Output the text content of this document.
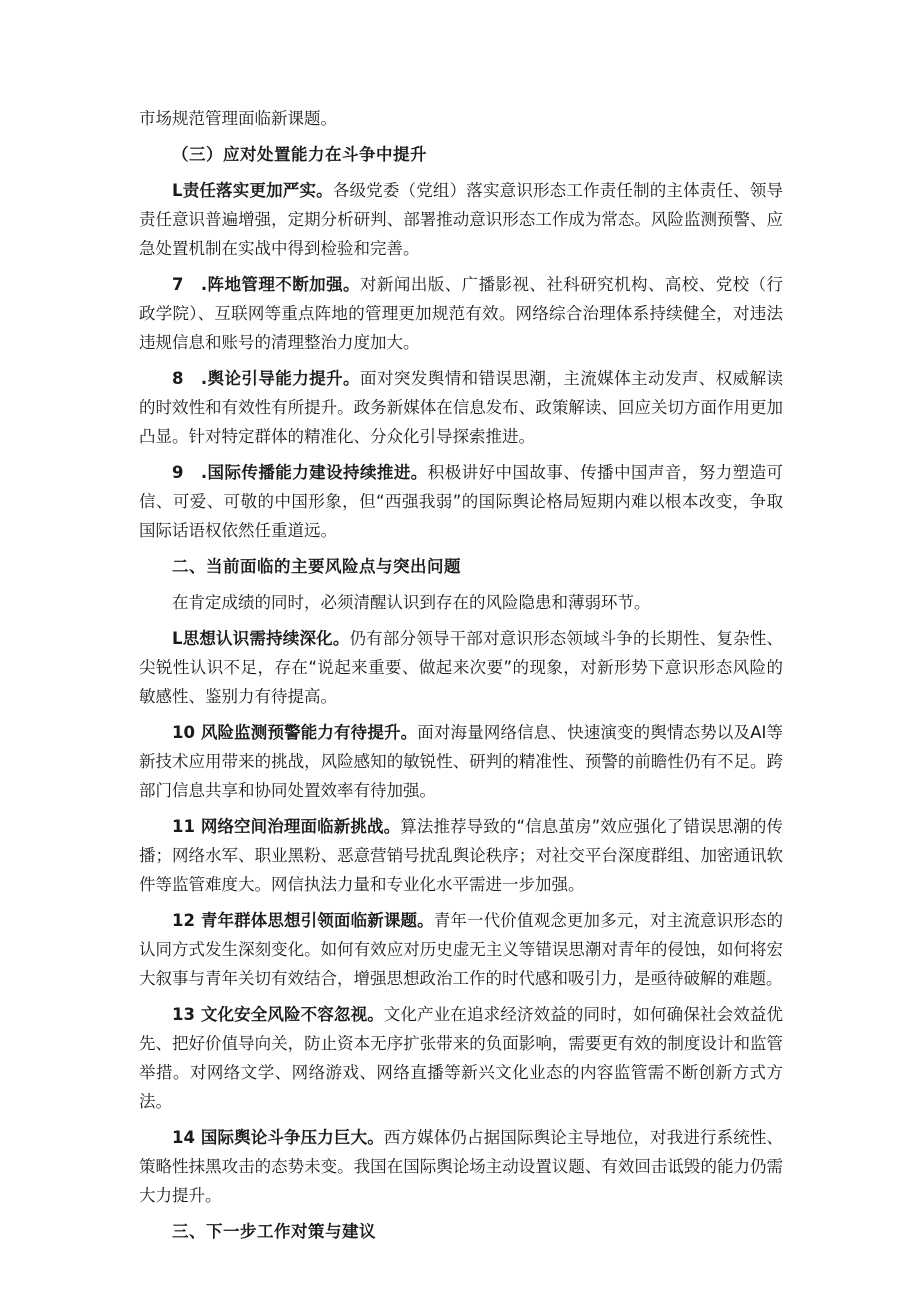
市场规范管理面临新课题。

（三）应对处置能力在斗争中提升

L责任落实更加严实。各级党委（党组）落实意识形态工作责任制的主体责任、领导责任意识普遍增强，定期分析研判、部署推动意识形态工作成为常态。风险监测预警、应急处置机制在实战中得到检验和完善。

7　.阵地管理不断加强。对新闻出版、广播影视、社科研究机构、高校、党校（行政学院）、互联网等重点阵地的管理更加规范有效。网络综合治理体系持续健全，对违法违规信息和账号的清理整治力度加大。

8　.舆论引导能力提升。面对突发舆情和错误思潮，主流媒体主动发声、权威解读的时效性和有效性有所提升。政务新媒体在信息发布、政策解读、回应关切方面作用更加凸显。针对特定群体的精准化、分众化引导探索推进。

9　.国际传播能力建设持续推进。积极讲好中国故事、传播中国声音，努力塑造可信、可爱、可敬的中国形象，但“西强我弱”的国际舆论格局短期内难以根本改变，争取国际话语权依然任重道远。

二、当前面临的主要风险点与突出问题

在肯定成绩的同时，必须清醒认识到存在的风险隐患和薄弱环节。

L思想认识需持续深化。仍有部分领导干部对意识形态领域斗争的长期性、复杂性、尖锐性认识不足，存在“说起来重要、做起来次要”的现象，对新形势下意识形态风险的敏感性、鉴别力有待提高。

10 风险监测预警能力有待提升。面对海量网络信息、快速演变的舆情态势以及AI等新技术应用带来的挑战，风险感知的敏锐性、研判的精准性、预警的前瞻性仍有不足。跨部门信息共享和协同处置效率有待加强。

11 网络空间治理面临新挑战。算法推荐导致的“信息茧房”效应强化了错误思潮的传播；网络水军、职业黑粉、恶意营销号扰乱舆论秩序；对社交平台深度群组、加密通讯软件等监管难度大。网信执法力量和专业化水平需进一步加强。

12 青年群体思想引领面临新课题。青年一代价值观念更加多元，对主流意识形态的认同方式发生深刻变化。如何有效应对历史虚无主义等错误思潮对青年的侵蚀，如何将宏大叙事与青年关切有效结合，增强思想政治工作的时代感和吸引力，是亟待破解的难题。

13 文化安全风险不容忽视。文化产业在追求经济效益的同时，如何确保社会效益优先、把好价值导向关，防止资本无序扩张带来的负面影响，需要更有效的制度设计和监管举措。对网络文学、网络游戏、网络直播等新兴文化业态的内容监管需不断创新方式方法。

14 国际舆论斗争压力巨大。西方媒体仍占据国际舆论主导地位，对我进行系统性、策略性抹黑攻击的态势未变。我国在国际舆论场主动设置议题、有效回击诋毁的能力仍需大力提升。

三、下一步工作对策与建议
